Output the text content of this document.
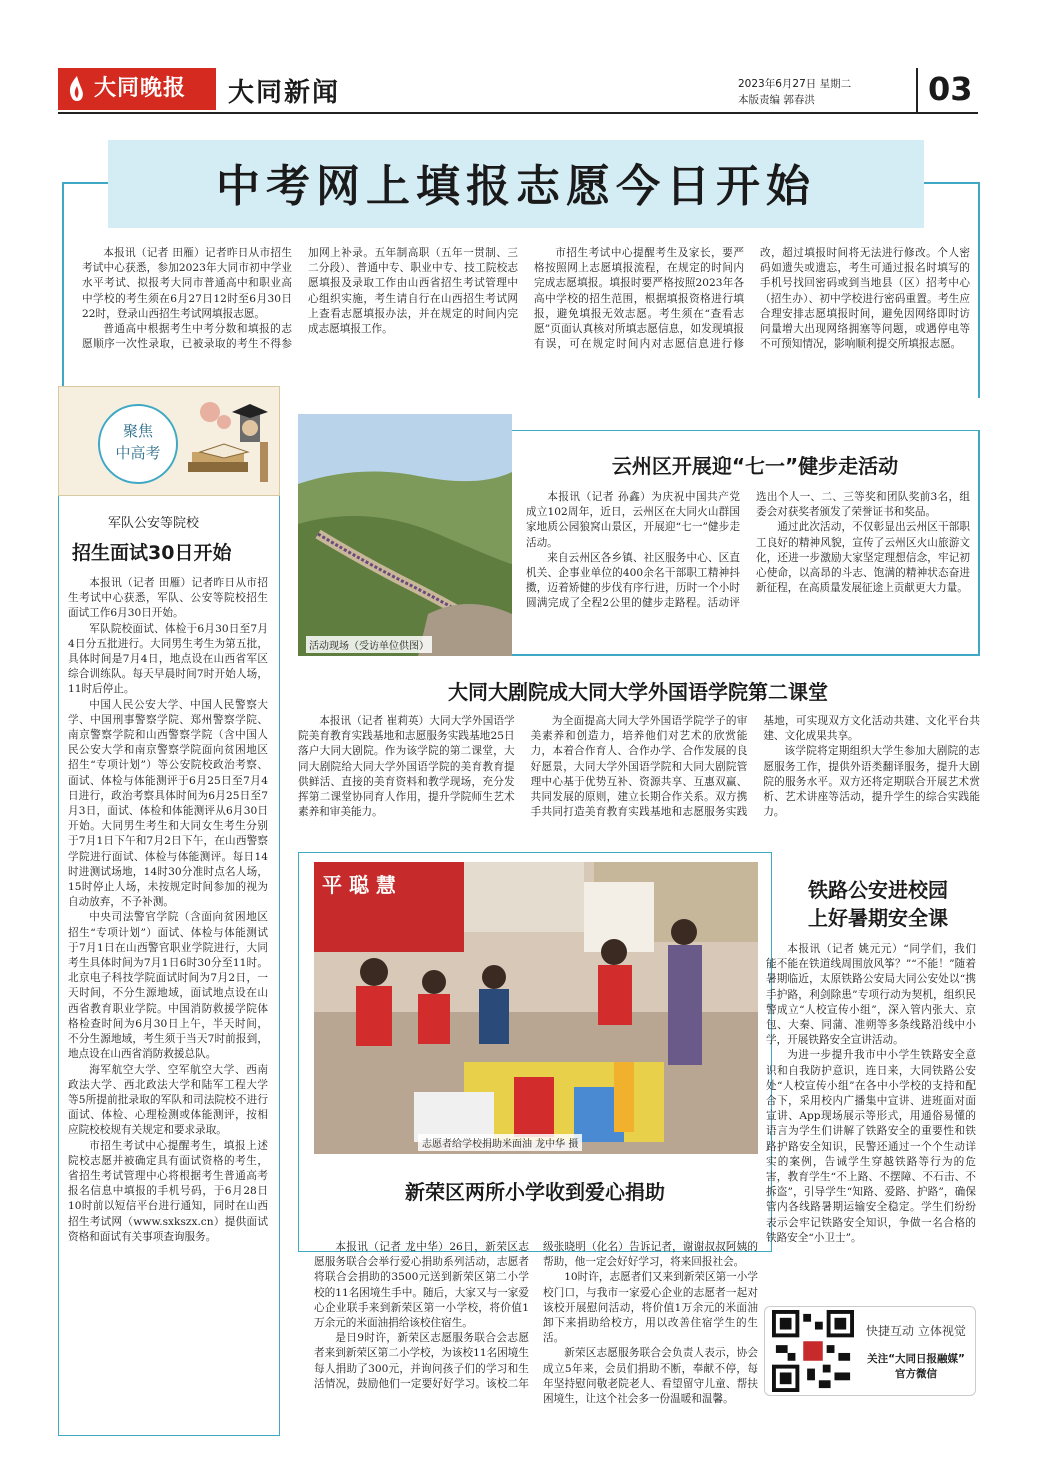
大同晚报	大同新闻	2023年6月27日 星期二
本版责编 郭春洪	03
中考网上填报志愿今日开始

本报讯（记者 田雁）记者昨日从市招生考试中心获悉，参加2023年大同市初中学业水平考试、拟报考大同市普通高中和职业高中学校的考生须在6月27日12时至6月30日22时，登录山西招生考试网填报志愿。

普通高中根据考生中考分数和填报的志愿顺序一次性录取，已被录取的考生不得参加网上补录。五年制高职（五年一贯制、三二分段）、普通中专、职业中专、技工院校志愿填报及录取工作由山西省招生考试管理中心组织实施，考生请自行在山西招生考试网上查看志愿填报办法，并在规定的时间内完成志愿填报工作。

市招生考试中心提醒考生及家长，要严格按照网上志愿填报流程，在规定的时间内完成志愿填报。填报时要严格按照2023年各高中学校的招生范围，根据填报资格进行填报，避免填报无效志愿。考生须在“查看志愿”页面认真核对所填志愿信息，如发现填报有误，可在规定时间内对志愿信息进行修改，超过填报时间将无法进行修改。个人密码如遗失或遗忘，考生可通过报名时填写的手机号找回密码或到当地县（区）招考中心（招生办）、初中学校进行密码重置。考生应合理安排志愿填报时间，避免因网络即时访问量增大出现网络拥塞等问题，或遇停电等不可预知情况，影响顺利提交所填报志愿。

聚焦
中高考
军队公安等院校
招生面试30日开始

本报讯（记者 田雁）记者昨日从市招生考试中心获悉，军队、公安等院校招生面试工作6月30日开始。

军队院校面试、体检于6月30日至7月4日分五批进行。大同男生考生为第五批，具体时间是7月4日，地点设在山西省军区综合训练队。每天早晨时间7时开始人场，11时后停止。

中国人民公安大学、中国人民警察大学、中国刑事警察学院、郑州警察学院、南京警察学院和山西警察学院（含中国人民公安大学和南京警察学院面向贫困地区招生“专项计划”）等公安院校政治考察、面试、体检与体能测评于6月25日至7月4日进行，政治考察具体时间为6月25日至7月3日，面试、体检和体能测评从6月30日开始。大同男生考生和大同女生考生分别于7月1日下午和7月2日下午，在山西警察学院进行面试、体检与体能测评。每日14时进测试场地，14时30分准时点名人场，15时停止人场，未按规定时间参加的视为自动放弃，不予补测。

中央司法警官学院（含面向贫困地区招生“专项计划”）面试、体检与体能测试于7月1日在山西警官职业学院进行，大同考生具体时间为7月1日6时30分至11时。北京电子科技学院面试时间为7月2日，一天时间，不分生源地域，面试地点设在山西省教育职业学院。中国消防救援学院体格检查时间为6月30日上午，半天时间，不分生源地域，考生须于当天7时前报到，地点设在山西省消防救援总队。

海军航空大学、空军航空大学、西南政法大学、西北政法大学和陆军工程大学等5所提前批录取的军队和司法院校不进行面试、体检、心理检测或体能测评，按相应院校校规有关规定和要求录取。

市招生考试中心提醒考生，填报上述院校志愿并被确定具有面试资格的考生，省招生考试管理中心将根据考生普通高考报名信息中填报的手机号码，于6月28日10时前以短信平台进行通知，同时在山西招生考试网（www.sxkszx.cn）提供面试资格和面试有关事项查询服务。

活动现场（受访单位供图）
云州区开展迎“七一”健步走活动

本报讯（记者 孙鑫）为庆祝中国共产党成立102周年，近日，云州区在大同火山群国家地质公园狼窝山景区，开展迎“七一”健步走活动。

来自云州区各乡镇、社区服务中心、区直机关、企事业单位的400余名干部职工精神抖擞，迈着矫健的步伐有序行进，历时一个小时圆满完成了全程2公里的健步走路程。活动评选出个人一、二、三等奖和团队奖前3名，组委会对获奖者颁发了荣誉证书和奖品。

通过此次活动，不仅彰显出云州区干部职工良好的精神风貌，宣传了云州区火山旅游文化，还进一步激励大家坚定理想信念，牢记初心使命，以高昂的斗志、饱满的精神状态奋进新征程，在高质量发展征途上贡献更大力量。

大同大剧院成大同大学外国语学院第二课堂

本报讯（记者 崔莉英）大同大学外国语学院美育教育实践基地和志愿服务实践基地25日落户大同大剧院。作为该学院的第二课堂，大同大剧院给大同大学外国语学院的美育教育提供鲜活、直接的美育资料和教学现场，充分发挥第二课堂协同育人作用，提升学院师生艺术素养和审美能力。

为全面提高大同大学外国语学院学子的审美素养和创造力，培养他们对艺术的欣赏能力，本着合作育人、合作办学、合作发展的良好愿景，大同大学外国语学院和大同大剧院管理中心基于优势互补、资源共享、互惠双赢、共同发展的原则，建立长期合作关系。双方携手共同打造美育教育实践基地和志愿服务实践基地，可实现双方文化活动共建、文化平台共建、文化成果共享。

该学院将定期组织大学生参加大剧院的志愿服务工作，提供外语类翻译服务，提升大剧院的服务水平。双方还将定期联合开展艺术赏析、艺术讲座等活动，提升学生的综合实践能力。

平 聪 慧
志愿者给学校捐助米面油 龙中华 摄
新荣区两所小学收到爱心捐助

本报讯（记者 龙中华）26日，新荣区志愿服务联合会举行爱心捐助系列活动，志愿者将联合会捐助的3500元送到新荣区第二小学校的11名困境生手中。随后，大家又与一家爱心企业联手来到新荣区第一小学校，将价值1万余元的米面油捐给该校住宿生。

是日9时许，新荣区志愿服务联合会志愿者来到新荣区第二小学校，为该校11名困境生每人捐助了300元，并询问孩子们的学习和生活情况，鼓励他们一定要好好学习。该校二年级张晓明（化名）告诉记者，谢谢叔叔阿姨的帮助，他一定会好好学习，将来回报社会。

10时许，志愿者们又来到新荣区第一小学校门口，与我市一家爱心企业的志愿者一起对该校开展慰问活动，将价值1万余元的米面油卸下来捐助给校方，用以改善住宿学生的生活。

新荣区志愿服务联合会负责人表示，协会成立5年来，会员们捐助不断，奉献不停，每年坚持慰问敬老院老人、看望留守儿童、帮扶困境生，让这个社会多一份温暖和温馨。

铁路公安进校园
上好暑期安全课

本报讯（记者 姚元元）“同学们，我们能不能在铁道线周围放风筝？”“不能！”随着暑期临近，太原铁路公安局大同公安处以“携手护路，利剑除患”专项行动为契机，组织民警成立“人校宣传小组”，深入管内张大、京包、大秦、同蒲、准朔等多条线路沿线中小学，开展铁路安全宣讲活动。

为进一步提升我市中小学生铁路安全意识和自我防护意识，连日来，大同铁路公安处“人校宣传小组”在各中小学校的支持和配合下，采用校内广播集中宣讲、进班面对面宣讲、App现场展示等形式，用通俗易懂的语言为学生们讲解了铁路安全的重要性和铁路护路安全知识，民警还通过一个个生动详实的案例，告诫学生穿越铁路等行为的危害，教育学生“不上路、不摆障、不石击、不拆盗”，引导学生“知路、爱路、护路”，确保管内各线路暑期运输安全稳定。学生们纷纷表示会牢记铁路安全知识，争做一名合格的铁路安全“小卫士”。

快捷互动 立体视觉
关注“大同日报融媒”
官方微信
